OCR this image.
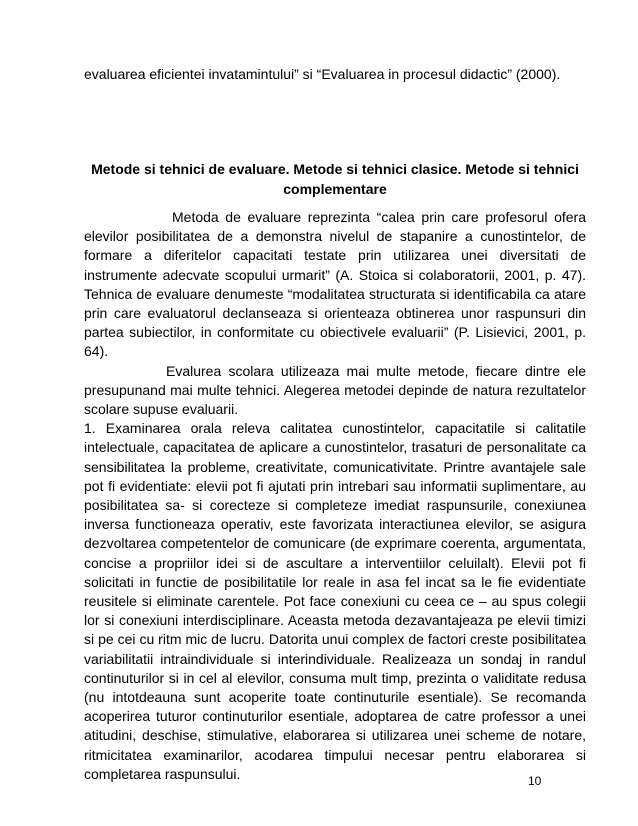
evaluarea eficientei invatamintului” si “Evaluarea in procesul didactic” (2000).

Metode si tehnici de evaluare. Metode si tehnici clasice. Metode si tehnici complementare

Metoda de evaluare reprezinta “calea prin care profesorul ofera elevilor posibilitatea de a demonstra nivelul de stapanire a cunostintelor, de formare a diferitelor capacitati testate prin utilizarea unei diversitati de instrumente adecvate scopului urmarit” (A. Stoica si colaboratorii, 2001, p. 47). Tehnica de evaluare denumeste “modalitatea structurata si identificabila ca atare prin care evaluatorul declanseaza si orienteaza obtinerea unor raspunsuri din partea subiectilor, in conformitate cu obiectivele evaluarii” (P. Lisievici, 2001, p. 64).

Evalurea scolara utilizeaza mai multe metode, fiecare dintre ele presupunand mai multe tehnici. Alegerea metodei depinde de natura rezultatelor scolare supuse evaluarii.

1. Examinarea orala releva calitatea cunostintelor, capacitatile si calitatile intelectuale, capacitatea de aplicare a cunostintelor, trasaturi de personalitate ca sensibilitatea la probleme, creativitate, comunicativitate. Printre avantajele sale pot fi evidentiate: elevii pot fi ajutati prin intrebari sau informatii suplimentare, au posibilitatea sa- si corecteze si completeze imediat raspunsurile, conexiunea inversa functioneaza operativ, este favorizata interactiunea elevilor, se asigura dezvoltarea competentelor de comunicare (de exprimare coerenta, argumentata, concise a propriilor idei si de ascultare a interventiilor celuilalt). Elevii pot fi solicitati in functie de posibilitatile lor reale in asa fel incat sa le fie evidentiate reusitele si eliminate carentele. Pot face conexiuni cu ceea ce – au spus colegii lor si conexiuni interdisciplinare. Aceasta metoda dezavantajeaza pe elevii timizi si pe cei cu ritm mic de lucru. Datorita unui complex de factori creste posibilitatea variabilitatii intraindividuale si interindividuale. Realizeaza un sondaj in randul continuturilor si in cel al elevilor, consuma mult timp, prezinta o validitate redusa (nu intotdeauna sunt acoperite toate continuturile esentiale). Se recomanda acoperirea tuturor continuturilor esentiale, adoptarea de catre professor a unei atitudini, deschise, stimulative, elaborarea si utilizarea unei scheme de notare, ritmicitatea examinarilor, acodarea timpului necesar pentru elaborarea si completarea raspunsului.	10
